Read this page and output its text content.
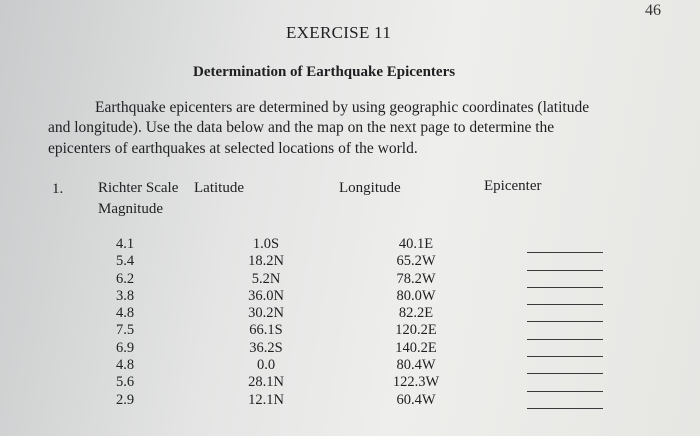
46
EXERCISE 11
Determination of Earthquake Epicenters
Earthquake epicenters are determined by using geographic coordinates (latitude
and longitude). Use the data below and the map on the next page to determine the
epicenters of earthquakes at selected locations of the world.
1. Richter Scale
Magnitude
Latitude	Longitude	Epicenter
4.1
5.4
6.2
3.8
4.8
7.5
6.9
4.8
5.6
2.9
1.0S
18.2N
5.2N
36.0N
30.2N
66.1S
36.2S
0.0
28.1N
12.1N
40.1E
65.2W
78.2W
80.0W
82.2E
120.2E
140.2E
80.4W
122.3W
60.4W
